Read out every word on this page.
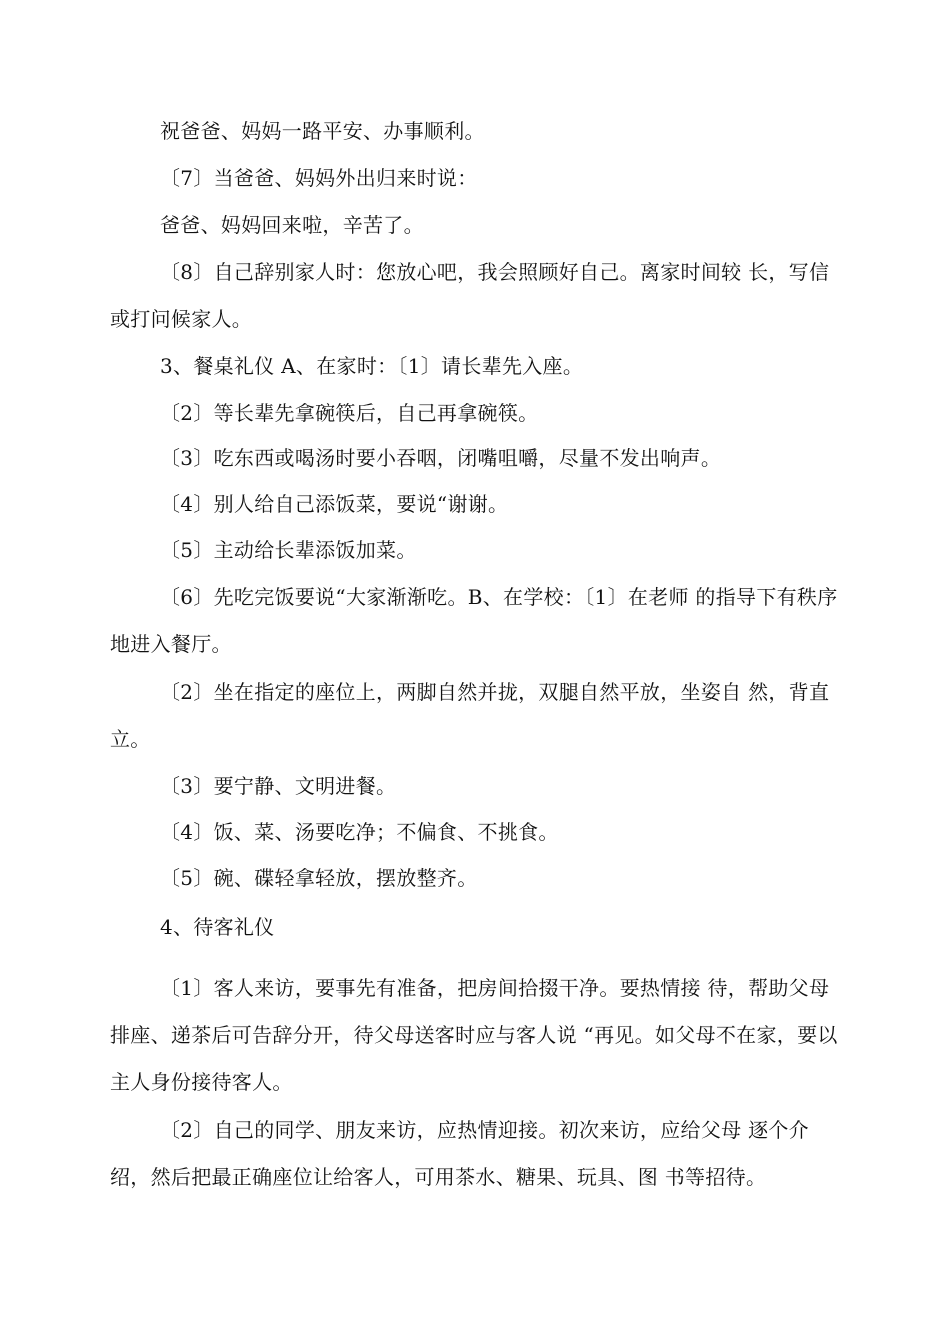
祝爸爸、妈妈一路平安、办事顺利。

〔7〕当爸爸、妈妈外出归来时说：

爸爸、妈妈回来啦，辛苦了。

〔8〕自己辞别家人时：您放心吧，我会照顾好自己。离家时间较 长，写信或打问候家人。

3、餐桌礼仪 A、在家时：〔1〕请长辈先入座。

〔2〕等长辈先拿碗筷后，自己再拿碗筷。

〔3〕吃东西或喝汤时要小吞咽，闭嘴咀嚼，尽量不发出响声。

〔4〕别人给自己添饭菜，要说“谢谢。

〔5〕主动给长辈添饭加菜。

〔6〕先吃完饭要说“大家渐渐吃。B、在学校：〔1〕在老师 的指导下有秩序地进入餐厅。

〔2〕坐在指定的座位上，两脚自然并拢，双腿自然平放，坐姿自 然，背直立。

〔3〕要宁静、文明进餐。

〔4〕饭、菜、汤要吃净；不偏食、不挑食。

〔5〕碗、碟轻拿轻放，摆放整齐。

4、待客礼仪

〔1〕客人来访，要事先有准备，把房间拾掇干净。要热情接 待，帮助父母排座、递茶后可告辞分开，待父母送客时应与客人说 “再见。如父母不在家，要以主人身份接待客人。

〔2〕自己的同学、朋友来访，应热情迎接。初次来访，应给父母 逐个介绍，然后把最正确座位让给客人，可用茶水、糖果、玩具、图 书等招待。
